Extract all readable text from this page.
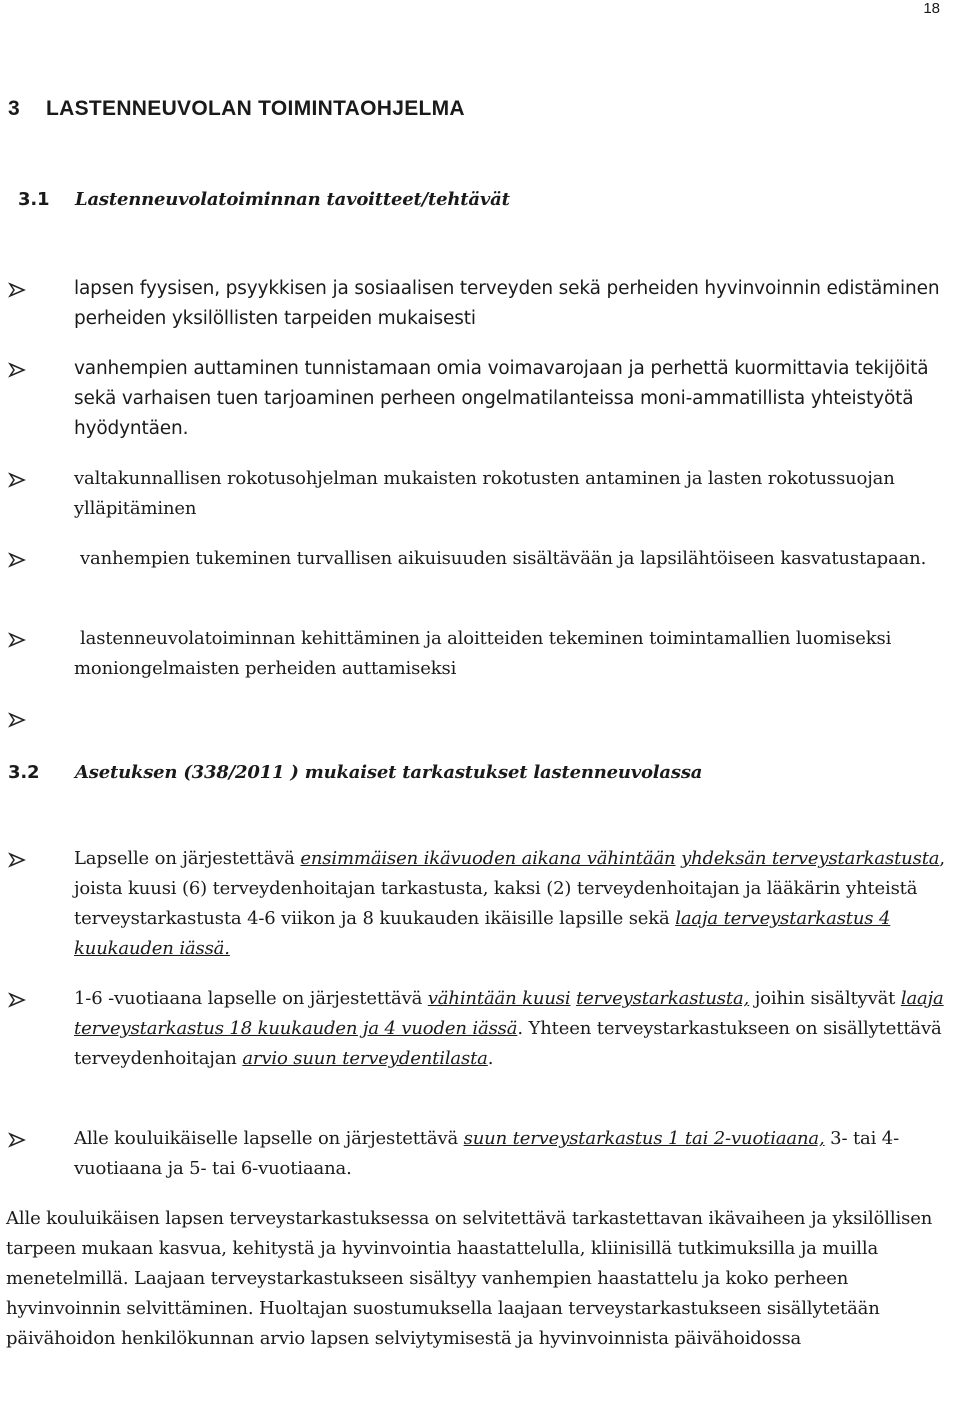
18
3 LASTENNEUVOLAN TOIMINTAOHJELMA
3.1 Lastenneuvolatoiminnan tavoitteet/tehtävät
lapsen fyysisen, psyykkisen ja sosiaalisen terveyden sekä perheiden hyvinvoinnin edistäminen perheiden yksilöllisten tarpeiden mukaisesti
vanhempien auttaminen tunnistamaan omia voimavarojaan ja perhettä kuormittavia tekijöitä sekä varhaisen tuen tarjoaminen perheen ongelmatilanteissa moni-ammatillista yhteistyötä hyödyntäen.
valtakunnallisen rokotusohjelman mukaisten rokotusten antaminen ja lasten rokotussuojan ylläpitäminen
vanhempien tukeminen turvallisen aikuisuuden sisältävään ja lapsilähtöiseen kasvatustapaan.
lastenneuvolatoiminnan kehittäminen ja aloitteiden tekeminen toimintamallien luomiseksi moniongelmaisten perheiden auttamiseksi
3.2 Asetuksen (338/2011 ) mukaiset tarkastukset lastenneuvolassa
Lapselle on järjestettävä ensimmäisen ikävuoden aikana vähintään yhdeksän terveystarkastusta, joista kuusi (6) terveydenhoitajan tarkastusta, kaksi (2) terveydenhoitajan ja lääkärin yhteistä terveystarkastusta 4-6 viikon ja 8 kuukauden ikäisille lapsille sekä laaja terveystarkastus 4 kuukauden iässä.
1-6 -vuotiaana lapselle on järjestettävä vähintään kuusi terveystarkastusta, joihin sisältyvät laaja terveystarkastus 18 kuukauden ja 4 vuoden iässä. Yhteen terveystarkastukseen on sisällytettävä terveydenhoitajan arvio suun terveydentilasta.
Alle kouluikäiselle lapselle on järjestettävä suun terveystarkastus 1 tai 2-vuotiaana, 3- tai 4-vuotiaana ja 5- tai 6-vuotiaana.
Alle kouluikäisen lapsen terveystarkastuksessa on selvitettävä tarkastettavan ikävaiheen ja yksilöllisen tarpeen mukaan kasvua, kehitystä ja hyvinvointia haastattelulla, kliinisillä tutkimuksilla ja muilla menetelmillä. Laajaan terveystarkastukseen sisältyy vanhempien haastattelu ja koko perheen hyvinvoinnin selvittäminen. Huoltajan suostumuksella laajaan terveystarkastukseen sisällytetään päivähoidon henkilökunnan arvio lapsen selviytymisestä ja hyvinvoinnista päivähoidossa
